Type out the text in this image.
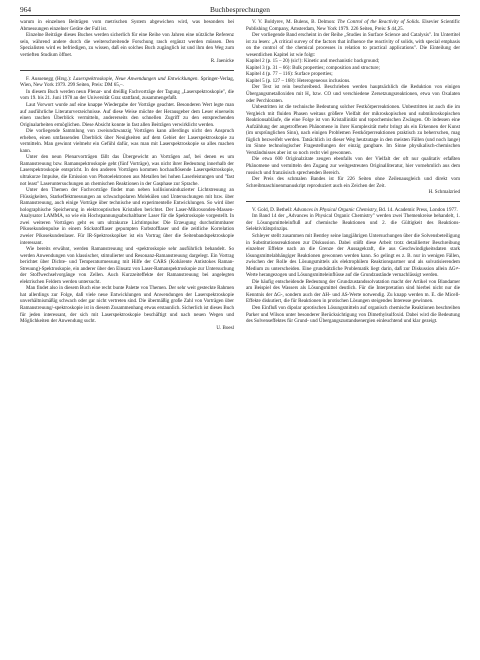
964	Buchbesprechungen

warum in einzelnen Beiträgen vom metrischen System abgewichen wird, was besonders bei Abmessungen einzelner Geräte der Fall ist.

Einzelne Beiträge dieses Buches werden sicherlich für eine Reihe von Jahren eine nützliche Referenz sein, während andere durch die weiterschreitende Forschung rasch ergänzt werden müssen. Den Spezialisten wird es befriedigen, zu wissen, daß ein solches Buch zugänglich ist und ihm den Weg zum vertieften Studium öffnet.

R. Jaenicke

F. Aussenegg (Hrsg.): Laserspektroskopie, Neue Anwendungen und Entwicklungen. Springer-Verlag, Wien, New York 1979. 299 Seiten, Preis: DM 65,–.

In diesem Buch werden neun Plenar- und dreißig Fachvorträge der Tagung „Laserspektroskopie", die vom 19. bis 21. Juni 1978 an der Universität Graz stattfand, zusammengefaßt.

Laut Vorwort wurde auf eine knappe Wiedergabe der Vorträge geachtet. Besonderen Wert legte man auf ausführliche Literaturverzeichnisse. Auf diese Weise möchte der Herausgeber dem Leser einerseits einen raschen Überblick vermitteln, andererseits den schnellen Zugriff zu den entsprechenden Originalarbeiten ermöglichen. Diese Absicht konnte in fast allen Beiträgen verwirklicht werden.

Die vorliegende Sammlung von zweiundzwanzig Vorträgen kann allerdings nicht den Anspruch erheben, einen umfassenden Überblick über Neuigkeiten auf dem Gebiet der Laserspektroskopie zu vermitteln. Man gewinnt vielmehr ein Gefühl dafür, was man mit Laserspektroskopie so alles machen kann.

Unter den neun Plenarvorträgen fällt das Übergewicht an Vorträgen auf, bei denen es um Ramanstreuung bzw. Ramanspektroskopie geht (fünf Vorträge), was nicht ihrer Bedeutung innerhalb der Laserspektroskopie entspricht. In den anderen Vorträgen kommen hochauflösende Laserspektroskopie, ultrakurze Impulse, die Emission von Photoelektronen aus Metallen bei hohen Laserleistungen und "fast not least" Laseruntersuchungen an chemischen Reaktionen in der Gasphase zur Sprache.

Unter den Themen der Fachvorträge findet man neben kollisionsinduzierter Lichtstreuung an Flüssigkeiten, Starkeffektmessungen an schwachpolaren Molekülen und Untersuchungen mit bzw. über Ramanstreuung, auch einige Vorträge über technische und experimentelle Entwicklungen. So wird über holographische Speicherung in elektrooptischen Kristallen berichtet. Der Laser-Mikrosonden-Massen-Analysator LAMMA, so wie ein Hochspannungsabschaltbarer Laser für die Spektroskopie vorgestellt. In zwei weiteren Vorträgen geht es um ultrakurze Lichtimpulse: Die Erzeugung durchstimmbarer Pikosekundenpulse in einem Stickstofflaser gepumpten Farbstofflaser und die zeitliche Korrelation zweier Pikosekundenlaser. Für IR-Spektroskopiker ist ein Vortrag über die Seitenbandspektroskopie interessant.

Wie bereits erwähnt, werden Ramanstreuung und -spektroskopie sehr ausführlich behandelt. So werden Anwendungen von klassischer, stimulierter und Resonanz-Ramanstreuung dargelegt. Ein Vortrag berichtet über Dichte- und Temperaturmessung mit Hilfe der CARS (Kohärente Antistokes Raman-Streuung)-Spektroskopie, ein anderer über den Einsatz von Laser-Ramanspektroskopie zur Untersuchung der Stoffwechselvorgänge von Zellen. Auch Kurzzeiteffekte der Ramanstreuung bei angelegten elektrischen Feldern werden untersucht.

Man findet also in diesem Buch eine recht bunte Palette von Themen. Der sehr weit gesteckte Rahmen hat allerdings zur Folge, daß viele neue Entwicklungen und Anwendungen der Laserspektroskopie unverhältnismäßig schwach oder gar nicht vertreten sind. Die übermäßig große Zahl von Vorträgen über Ramanstreuung/-spektroskopie ist in diesem Zusammenhang etwas erstaunlich. Sicherlich ist dieses Buch für jeden interessant, der sich mit Laserspektroskopie beschäftigt und nach neuen Wegen und Möglichkeiten der Anwendung sucht.

U. Boesl

V. V. Boldyrev, M. Bulens, B. Delmon: The Control of the Reactivity of Solids. Elsevier Scientific Publishing Company, Amsterdam, New York 1979. 226 Seiten, Preis: $ 44,25.

Der vorliegende Band erscheint in der Reihe „Studies in Surface Science and Catalysis". Im Untertitel ist zu lesen: „A critical survey of the factors that influence the reactivity of solids, with special emphasis on the control of the chemical processes in relation to practical applications". Die Einteilung der wesentlichen Kapitel ist wie folgt:

Kapitel 2 (p. 15 – 20) (sic!): Kinetic and mechanistic background;
Kapitel 3 (p. 31 – 66): Bulk properties; composition and structure;
Kapitel 4 (p. 77 – 116): Surface properties;
Kapitel 5 (p. 127 – 168): Heterogeneous inclusions.

Der Text ist rein beschreibend. Beschrieben werden hauptsächlich die Reduktion von einigen Übergangsmetalloxiden mit H₂ bzw. CO und verschiedene Zersetzungsreaktionen, etwa von Oxalaten oder Perchloraten.

Unbestritten ist die technische Bedeutung solcher Festkörperreaktionen. Unbestritten ist auch die im Vergleich mit fluiden Phasen weitaus größere Vielfalt der mikroskopischen und submikroskopischen Reaktionsabläufe, die eine Folge ist von Kristallinität und topochemischen Zwängen. Ob indessen eine Aufzählung der angetroffenen Phänomene in ihrer Komplexität mehr bringt als ein Erkennen der Kunst (im ursprünglichen Sinn), nach einigen Problemen Festkörperreaktionen praktisch zu beherrschen, mag füglich bezweifelt werden. Tatsächlich ist dieser Weg heutzutage in den meisten Fällen (und noch lange) im Sinne technologischer Fragestellungen der einzig gangbare. Im Sinne physikalisch-chemischen Verständnisses aber ist so noch recht viel gewonnen.

Die etwa 600 Originalzitate zeugen ebenfalls von der Vielfalt der oft nur qualitativ erfaßten Phänomene und vermitteln den Zugang zur weitgestreuten Originalliteratur, hier vornehmlich aus dem russisch und französisch sprechenden Bereich.

Der Preis des schmalen Bandes ist für 226 Seiten ohne Zeilenausgleich und direkt vom Schreibmaschinenmanuskript reproduziert auch ein Zeichen der Zeit.

H. Schmalzried

V. Gold, D. Bethell: Advances in Physical Organic Chemistry, Bd. 14. Academic Press, London 1977.

Im Band 14 der „Advances in Physical Organic Chemistry" werden zwei Themenkreise behandelt, 1. der Lösungsmitteleinfluß auf chemische Reaktionen und 2. die Gültigkeit des Reaktions-Selektivitätsprinzips.

Schleyer stellt zusammen mit Bentley seine langjährigen Untersuchungen über die Solvensbeteiligung in Substitutionsreaktionen zur Diskussion. Dabei stößt diese Arbeit trotz detaillierter Beschreibung einzelner Effekte nach an die Grenze der Aussagekraft, die aus Geschwindigkeitsdaten stark lösungsmittelabhängiger Reaktionen gewonnen werden kann. So gelingt es z. B. nur in wenigen Fällen, zwischen der Rolle des Lösungsmittels als elektrophilem Reaktionspartner und als solvatisierendem Medium zu unterscheiden. Eine grundsätzliche Problematik liegt darin, daß zur Diskussion allein ΔG≠-Werte herangezogen und Lösungsmitteleinflüsse auf die Grundzustände vernachlässigt werden.

Die häufig entscheidende Bedeutung der Grundzustandssolvatation macht der Artikel von Blandamer am Beispiel des Wassers als Lösungsmittel deutlich. Für die Interpretation sind hierbei nicht nur die Kenntnis der ΔG-, sondern auch der ΔH- und ΔS-Werte notwendig. Zu knapp werden m. E. die Micell-Effekte diskutiert, die für Reaktionen in protischen Lösungen steigendes Interesse gewinnen.

Den Einfluß von dipolar aprotischen Lösungsmitteln auf organisch chemische Reaktionen beschreiben Parker und Wilson unter besonderer Berücksichtigung von Dimethylsulfoxid. Dabei wird die Bedeutung des Solvenseffektes für Grund- und Übergangszustandsenergien einleuchtend und klar gezeigt.
